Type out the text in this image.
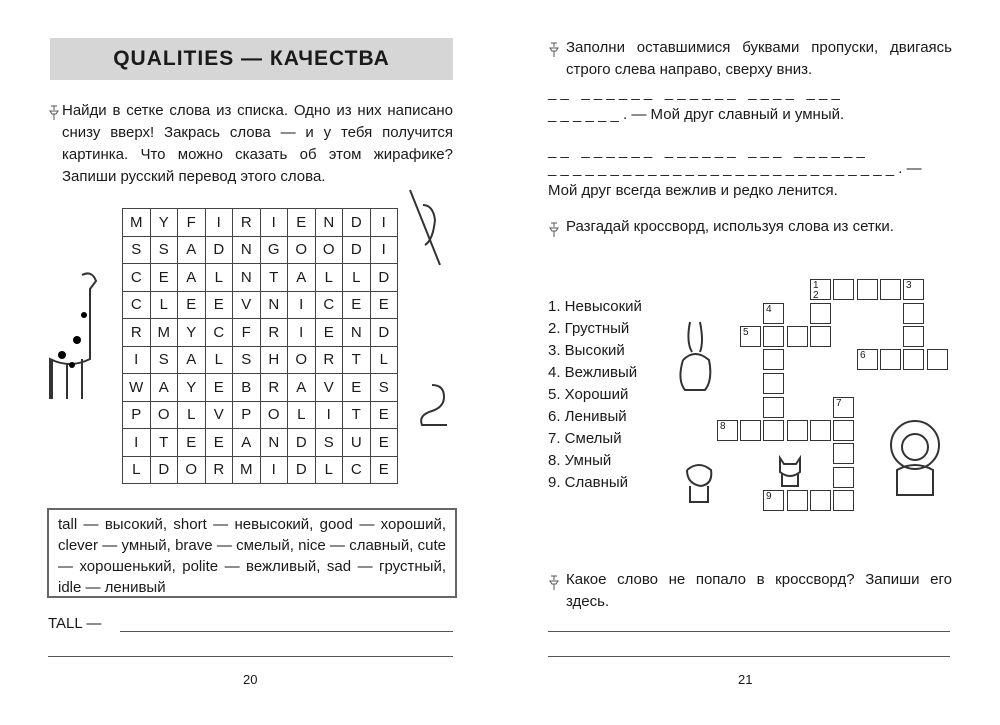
QUALITIES — КАЧЕСТВА
Найди в сетке слова из списка. Одно из них написано снизу вверх! Закрась слова — и у тебя получится картинка. Что можно сказать об этом жирафике? Запиши русский перевод этого слова.
M	Y	F	I	R	I	E	N	D	I
S	S	A	D	N	G	O	O	D	I
C	E	A	L	N	T	A	L	L	D
C	L	E	E	V	N	I	C	E	E
R	M	Y	C	F	R	I	E	N	D
I	S	A	L	S	H	O	R	T	L
W	A	Y	E	B	R	A	V	E	S
P	O	L	V	P	O	L	I	T	E
I	T	E	E	A	N	D	S	U	E
L	D	O	R	M	I	D	L	C	E
tall — высокий, short — невысокий, good — хороший, clever — умный, brave — смелый, nice — славный, cute — хорошенький, polite — вежливый, sad — грустный, idle — ленивый
TALL —
20
Заполни оставшимися буквами пропуски, двигаясь строго слева направо, сверху вниз.
_ _   _ _ _ _ _ _   _ _ _ _ _ _   _ _ _ _   _ _ _
_ _ _ _ _ _ . — Мой друг славный и умный.
_ _   _ _ _ _ _ _   _ _ _ _ _ _   _ _ _   _ _ _ _ _ _
_ _ _ _ _ _ _ _ _ _ _ _ _ _ _ _ _ _ _ _ _ _ _ _ _ _ _ _ . —
Мой друг всегда вежлив и редко ленится.
Разгадай кроссворд, используя слова из сетки.
1. Невысокий
2. Грустный
3. Высокий
4. Вежливый
5. Хороший
6. Ленивый
7. Смелый
8. Умный
9. Славный
1
2
3
4
5
6
7
8
9
Какое слово не попало в кроссворд? Запиши его здесь.
21
